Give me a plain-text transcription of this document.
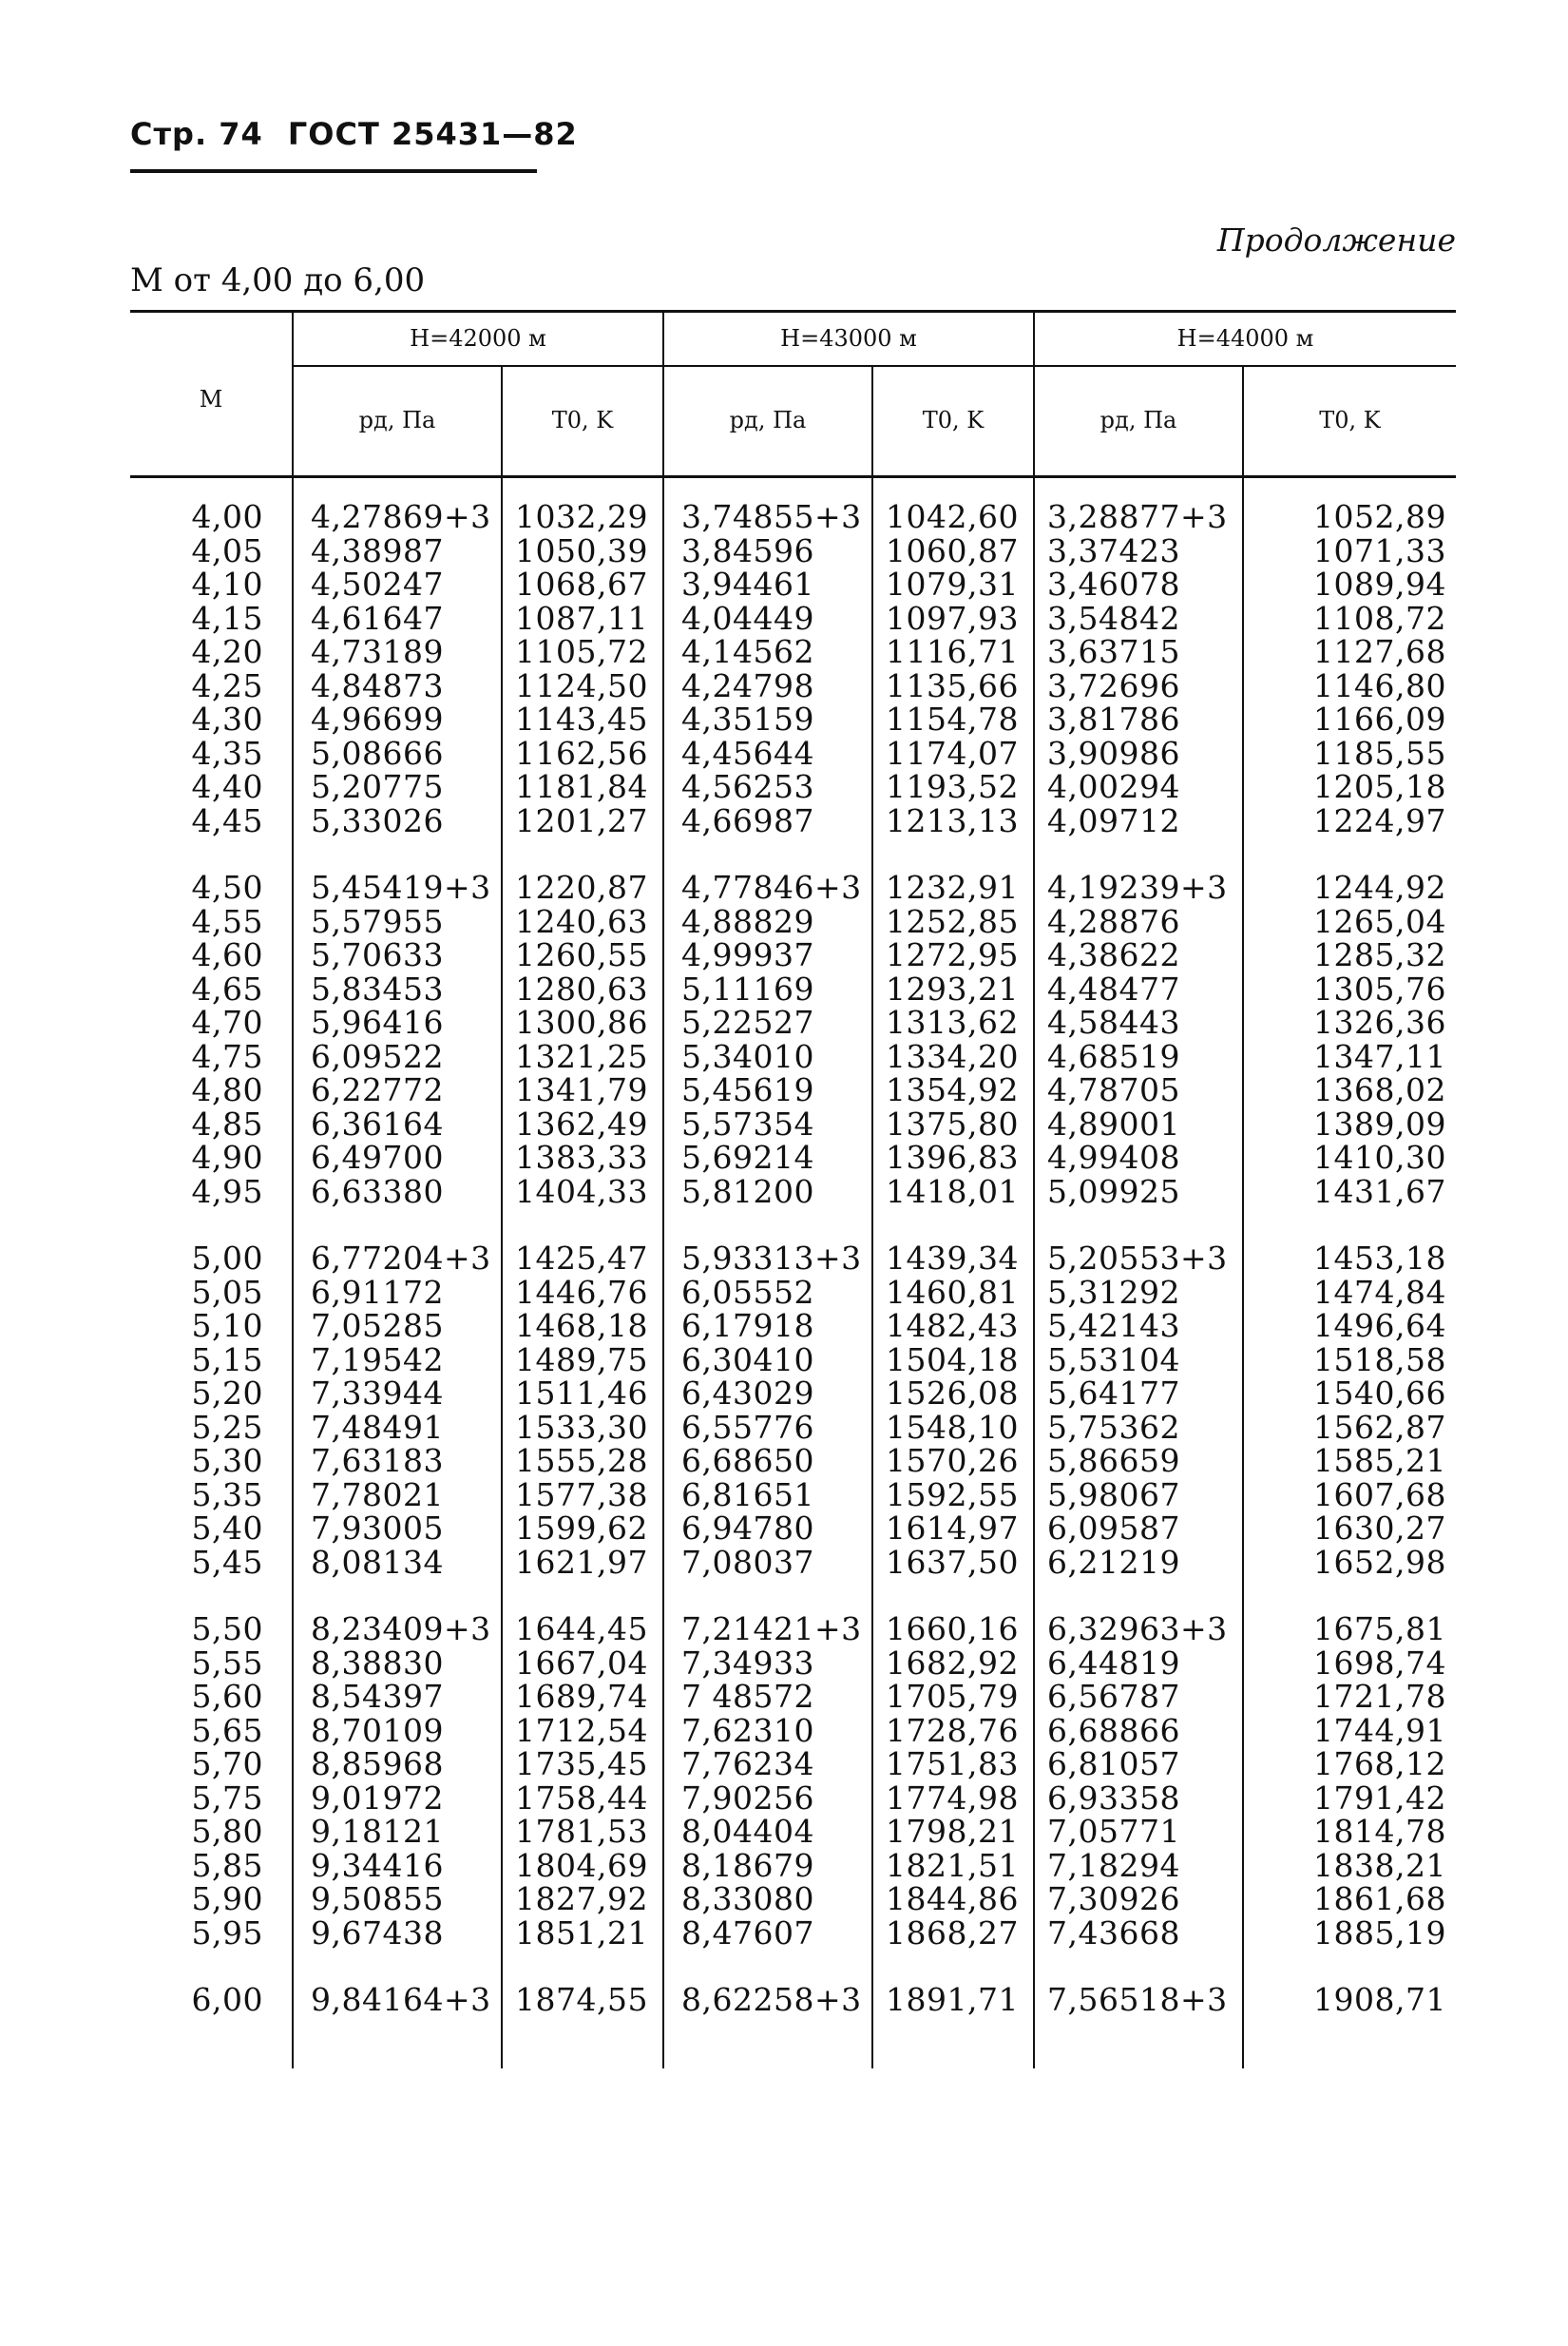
Стр. 74 ГОСТ 25431—82
Продолжение
М от 4,00 до 6,00
М
H=42000 м	H=43000 м	H=44000 м
pд, Па	T0, K	pд, Па	T0, K	pд, Па	T0, K
4,00 4,27869+3 1032,29 3,74855+3 1042,60 3,28877+3	1052,89
4,05 4,38987 1050,39 3,84596 1060,87 3,37423	1071,33
4,10 4,50247 1068,67 3,94461 1079,31 3,46078	1089,94
4,15 4,61647 1087,11 4,04449 1097,93 3,54842	1108,72
4,20 4,73189 1105,72 4,14562 1116,71 3,63715	1127,68
4,25 4,84873 1124,50 4,24798 1135,66 3,72696	1146,80
4,30 4,96699 1143,45 4,35159 1154,78 3,81786	1166,09
4,35 5,08666 1162,56 4,45644 1174,07 3,90986	1185,55
4,40 5,20775 1181,84 4,56253 1193,52 4,00294	1205,18
4,45 5,33026 1201,27 4,66987 1213,13 4,09712	1224,97
4,50 5,45419+3 1220,87 4,77846+3 1232,91 4,19239+3	1244,92
4,55 5,57955 1240,63 4,88829 1252,85 4,28876	1265,04
4,60 5,70633 1260,55 4,99937 1272,95 4,38622	1285,32
4,65 5,83453 1280,63 5,11169 1293,21 4,48477	1305,76
4,70 5,96416 1300,86 5,22527 1313,62 4,58443	1326,36
4,75 6,09522 1321,25 5,34010 1334,20 4,68519	1347,11
4,80 6,22772 1341,79 5,45619 1354,92 4,78705	1368,02
4,85 6,36164 1362,49 5,57354 1375,80 4,89001	1389,09
4,90 6,49700 1383,33 5,69214 1396,83 4,99408	1410,30
4,95 6,63380 1404,33 5,81200 1418,01 5,09925	1431,67
5,00 6,77204+3 1425,47 5,93313+3 1439,34 5,20553+3	1453,18
5,05 6,91172 1446,76 6,05552 1460,81 5,31292	1474,84
5,10 7,05285 1468,18 6,17918 1482,43 5,42143	1496,64
5,15 7,19542 1489,75 6,30410 1504,18 5,53104	1518,58
5,20 7,33944 1511,46 6,43029 1526,08 5,64177	1540,66
5,25 7,48491 1533,30 6,55776 1548,10 5,75362	1562,87
5,30 7,63183 1555,28 6,68650 1570,26 5,86659	1585,21
5,35 7,78021 1577,38 6,81651 1592,55 5,98067	1607,68
5,40 7,93005 1599,62 6,94780 1614,97 6,09587	1630,27
5,45 8,08134 1621,97 7,08037 1637,50 6,21219	1652,98
5,50 8,23409+3 1644,45 7,21421+3 1660,16 6,32963+3	1675,81
5,55 8,38830 1667,04 7,34933 1682,92 6,44819	1698,74
5,60 8,54397 1689,74 7 48572 1705,79 6,56787	1721,78
5,65 8,70109 1712,54 7,62310 1728,76 6,68866	1744,91
5,70 8,85968 1735,45 7,76234 1751,83 6,81057	1768,12
5,75 9,01972 1758,44 7,90256 1774,98 6,93358	1791,42
5,80 9,18121 1781,53 8,04404 1798,21 7,05771	1814,78
5,85 9,34416 1804,69 8,18679 1821,51 7,18294	1838,21
5,90 9,50855 1827,92 8,33080 1844,86 7,30926	1861,68
5,95 9,67438 1851,21 8,47607 1868,27 7,43668	1885,19
6,00 9,84164+3 1874,55 8,62258+3 1891,71 7,56518+3	1908,71
